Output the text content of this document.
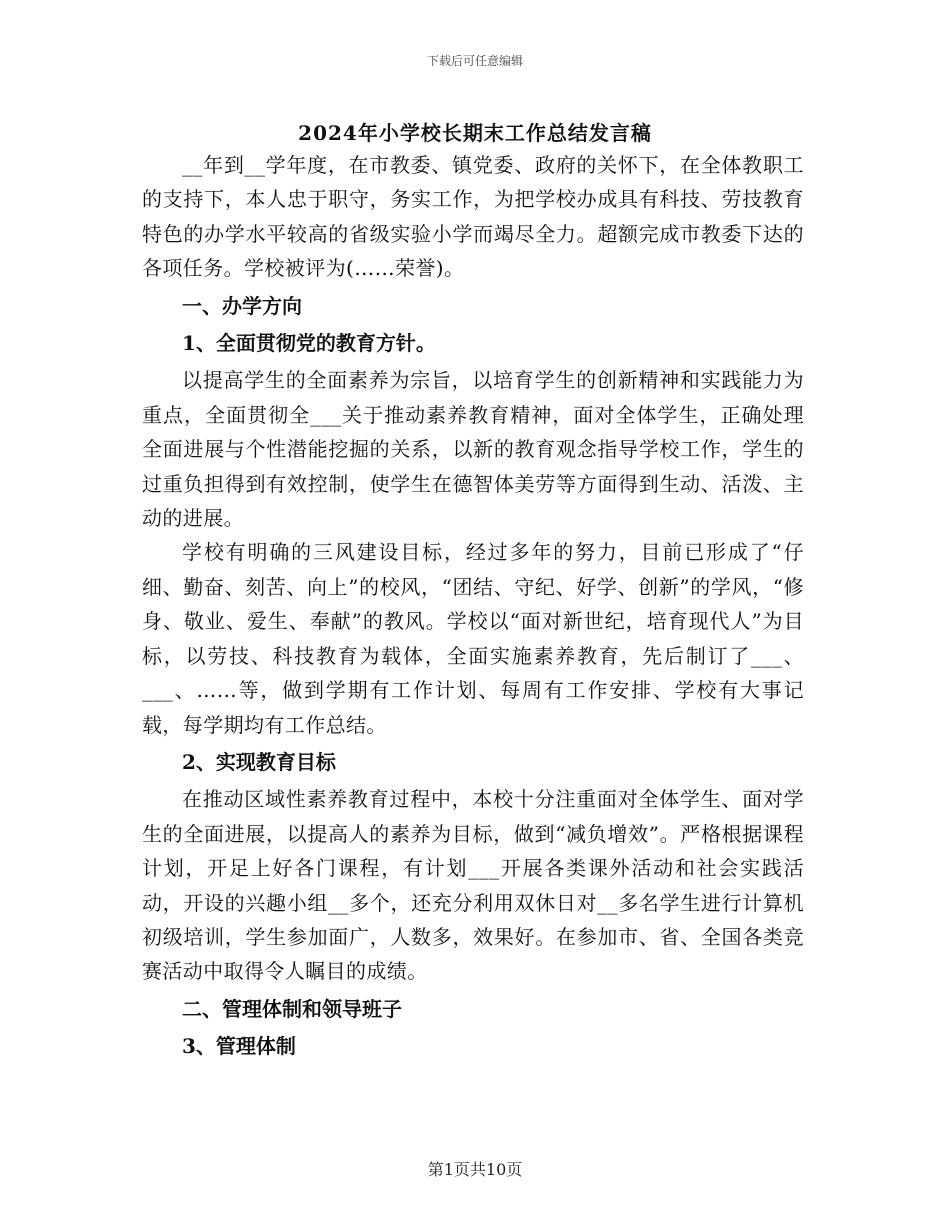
下载后可任意编辑
2024年小学校长期末工作总结发言稿

__年到__学年度，在市教委、镇党委、政府的关怀下，在全体教职工的支持下，本人忠于职守，务实工作，为把学校办成具有科技、劳技教育特色的办学水平较高的省级实验小学而竭尽全力。超额完成市教委下达的各项任务。学校被评为(……荣誉)。

一、办学方向

1、全面贯彻党的教育方针。

以提高学生的全面素养为宗旨，以培育学生的创新精神和实践能力为重点，全面贯彻全___关于推动素养教育精神，面对全体学生，正确处理全面进展与个性潜能挖掘的关系，以新的教育观念指导学校工作，学生的过重负担得到有效控制，使学生在德智体美劳等方面得到生动、活泼、主动的进展。

学校有明确的三风建设目标，经过多年的努力，目前已形成了“仔细、勤奋、刻苦、向上”的校风，“团结、守纪、好学、创新”的学风，“修身、敬业、爱生、奉献”的教风。学校以“面对新世纪，培育现代人”为目标，以劳技、科技教育为载体，全面实施素养教育，先后制订了___、___、……等，做到学期有工作计划、每周有工作安排、学校有大事记载，每学期均有工作总结。

2、实现教育目标

在推动区域性素养教育过程中，本校十分注重面对全体学生、面对学生的全面进展，以提高人的素养为目标，做到“减负增效”。严格根据课程计划，开足上好各门课程，有计划___开展各类课外活动和社会实践活动，开设的兴趣小组__多个，还充分利用双休日对__多名学生进行计算机初级培训，学生参加面广，人数多，效果好。在参加市、省、全国各类竞赛活动中取得令人瞩目的成绩。

二、管理体制和领导班子

3、管理体制

第1页共10页
